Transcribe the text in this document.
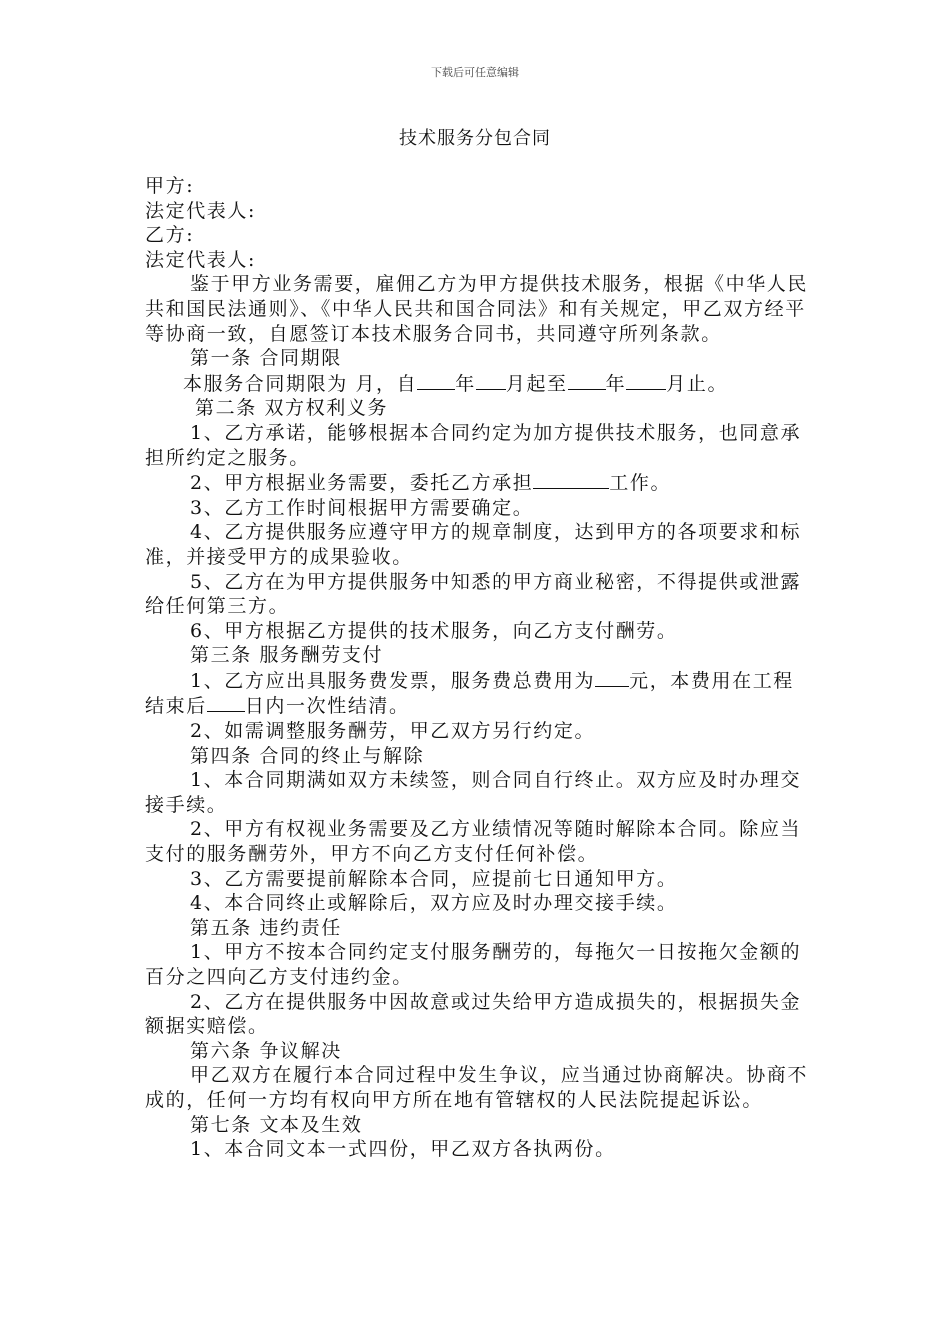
下载后可任意编辑
技术服务分包合同

甲方:

法定代表人:

乙方:

法定代表人:

鉴于甲方业务需要，雇佣乙方为甲方提供技术服务，根据《中华人民共和国民法通则》、《中华人民共和国合同法》和有关规定，甲乙双方经平等协商一致，自愿签订本技术服务合同书，共同遵守所列条款。

第一条 合同期限

本服务合同期限为 月，自 年 月起至 年 月止。

第二条 双方权利义务

1、乙方承诺，能够根据本合同约定为加方提供技术服务，也同意承担所约定之服务。

2、甲方根据业务需要，委托乙方承担	工作。

3、乙方工作时间根据甲方需要确定。

4、乙方提供服务应遵守甲方的规章制度，达到甲方的各项要求和标准，并接受甲方的成果验收。

5、乙方在为甲方提供服务中知悉的甲方商业秘密，不得提供或泄露给任何第三方。

6、甲方根据乙方提供的技术服务，向乙方支付酬劳。

第三条 服务酬劳支付

1、乙方应出具服务费发票，服务费总费用为 元，本费用在工程结束后 日内一次性结清。

2、如需调整服务酬劳，甲乙双方另行约定。

第四条 合同的终止与解除

1、本合同期满如双方未续签，则合同自行终止。双方应及时办理交接手续。

2、甲方有权视业务需要及乙方业绩情况等随时解除本合同。除应当支付的服务酬劳外，甲方不向乙方支付任何补偿。

3、乙方需要提前解除本合同，应提前七日通知甲方。

4、本合同终止或解除后，双方应及时办理交接手续。

第五条 违约责任

1、甲方不按本合同约定支付服务酬劳的，每拖欠一日按拖欠金额的百分之四向乙方支付违约金。

2、乙方在提供服务中因故意或过失给甲方造成损失的，根据损失金额据实赔偿。

第六条 争议解决

甲乙双方在履行本合同过程中发生争议，应当通过协商解决。协商不成的，任何一方均有权向甲方所在地有管辖权的人民法院提起诉讼。

第七条 文本及生效

1、本合同文本一式四份，甲乙双方各执两份。
